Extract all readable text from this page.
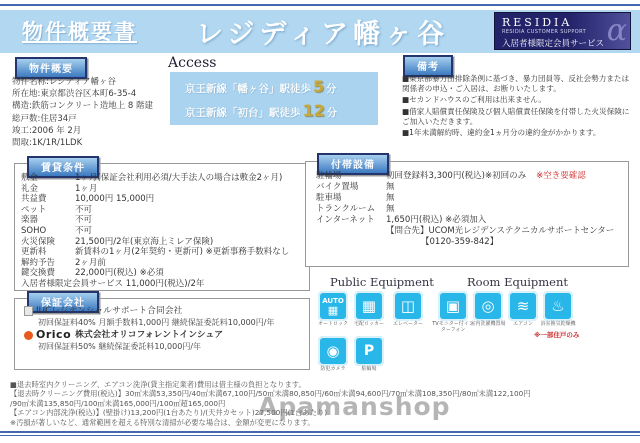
物件概要書 レジディア幡ヶ谷	RESIDIA
RESIDIA CUSTOMER SUPPORT
入居者様限定会員サービス α
物件概要
物件名称:レジディア幡ヶ谷
所在地:東京都渋谷区本町6-35-4
構造:鉄筋コンクリート造地上 8 階建
総戸数:住居34戸
竣工:2006 年 2月
間取:1K/1R/1LDK
Access
京王新線「幡ヶ谷」駅徒歩 5 分
京王新線「初台」駅徒歩 12 分
備考
■東京都暴力団排除条例に基づき、暴力団員等、反社会勢力または関係者の申込・ご入居は、お断りいたします。
■セカンドハウスのご利用は出来ません。
■借家人賠償責任保険及び個人賠償責任保険を付帯した火災保険にご加入いただきます。
■1年未満解約時、違約金1ヵ月分の違約金がかかります。
賃貸条件
敷金	1ヶ月(保証会社利用必須/大手法人の場合は敷金2ヶ月)
礼金	1ヶ月
共益費	10,000円 15,000円
ペット	不可
楽器	不可
SOHO	不可
火災保険	21,500円/2年(東京海上ミレア保険)
更新料	新賃料の1ヶ月(2年契約・更新可) ※更新事務手数料なし
解約予告	2ヶ月前
鍵交換費	22,000円(税込) ※必須
入居者様限定会員サービス 11,000円(税込)/2年
付帯設備
駐輪場	初回登録料3,300円(税込)※初回のみ ※空き要確認
バイク置場	無
駐車場	無
トランクルーム	無
インターネット	1,650円(税込) ※必須加入
【問合先】UCOM光レジデンステクニカルサポートセンター
【0120-359-842】
保証会社
IUCレジデンシャルサポート合同会社
初回保証料40% 月額手数料1,000円 継続保証委託料10,000円/年
Orico 株式会社オリコフォレントインシュア
初回保証料50% 継続保証委託料10,000円/年
Public Equipment	Room Equipment
AUTO
▦
オートロック
▦
宅配ロッカー
◫
エレベーター
◉
防犯カメラ
P
駐輪場
▣
TVモニター付インターフォン
◎
室内洗濯機置場
≋
エアコン
♨
浴室換気乾燥機
※一部住戸のみ
■退去時室内クリーニング、エアコン洗浄(貸主指定業者)費用は借主様の負担となります。
【退去時クリーニング費用(税込)】30㎡未満53,350円/40㎡未満67,100円/50㎡未満80,850円/60㎡未満94,600円/70㎡未満108,350円/80㎡未満122,100円
/90㎡未満135,850円/100㎡未満165,000円/100㎡超165,000円
【エアコン内部洗浄(税込)】(壁掛け)13,200円(1台あたり)/(天井カセット)27,500円(1台あたり)
※汚損が著しいなど、通常範囲を超える特別な清掃が必要な場合は、金額が変更になります。
Apamanshop
